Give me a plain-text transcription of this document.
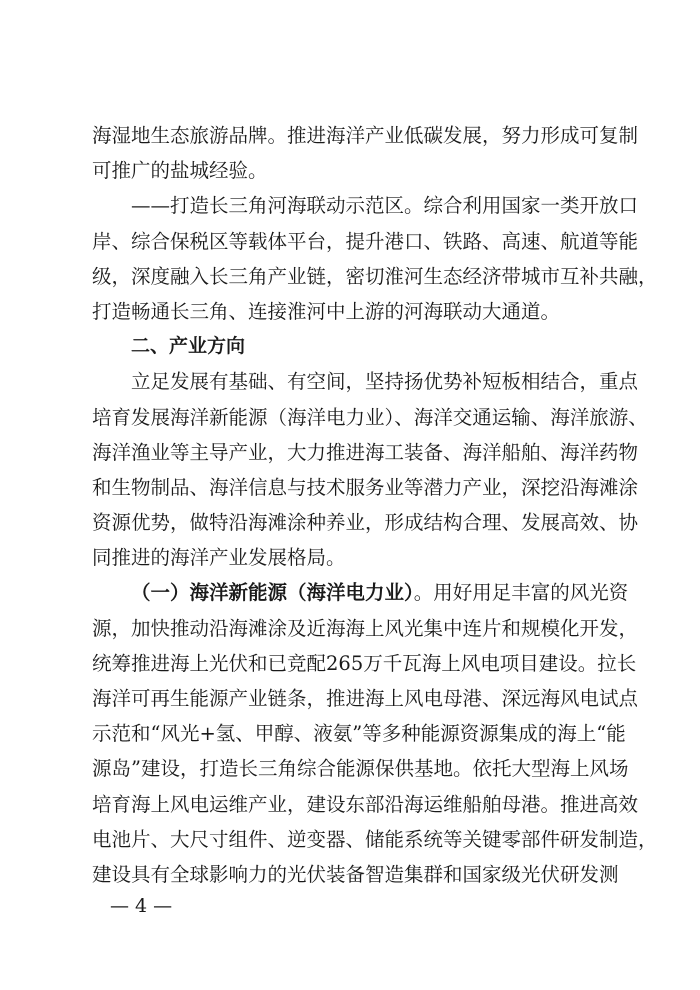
海湿地生态旅游品牌。推进海洋产业低碳发展，努力形成可复制
可推广的盐城经验。
——打造长三角河海联动示范区。综合利用国家一类开放口
岸、综合保税区等载体平台，提升港口、铁路、高速、航道等能
级，深度融入长三角产业链，密切淮河生态经济带城市互补共融，
打造畅通长三角、连接淮河中上游的河海联动大通道。
二、产业方向
立足发展有基础、有空间，坚持扬优势补短板相结合，重点
培育发展海洋新能源（海洋电力业）、海洋交通运输、海洋旅游、
海洋渔业等主导产业，大力推进海工装备、海洋船舶、海洋药物
和生物制品、海洋信息与技术服务业等潜力产业，深挖沿海滩涂
资源优势，做特沿海滩涂种养业，形成结构合理、发展高效、协
同推进的海洋产业发展格局。
（一）海洋新能源（海洋电力业）。用好用足丰富的风光资
源，加快推动沿海滩涂及近海海上风光集中连片和规模化开发，
统筹推进海上光伏和已竞配265万千瓦海上风电项目建设。拉长
海洋可再生能源产业链条，推进海上风电母港、深远海风电试点
示范和“风光+氢、甲醇、液氨”等多种能源资源集成的海上“能
源岛”建设，打造长三角综合能源保供基地。依托大型海上风场
培育海上风电运维产业，建设东部沿海运维船舶母港。推进高效
电池片、大尺寸组件、逆变器、储能系统等关键零部件研发制造，
建设具有全球影响力的光伏装备智造集群和国家级光伏研发测
— 4 —
